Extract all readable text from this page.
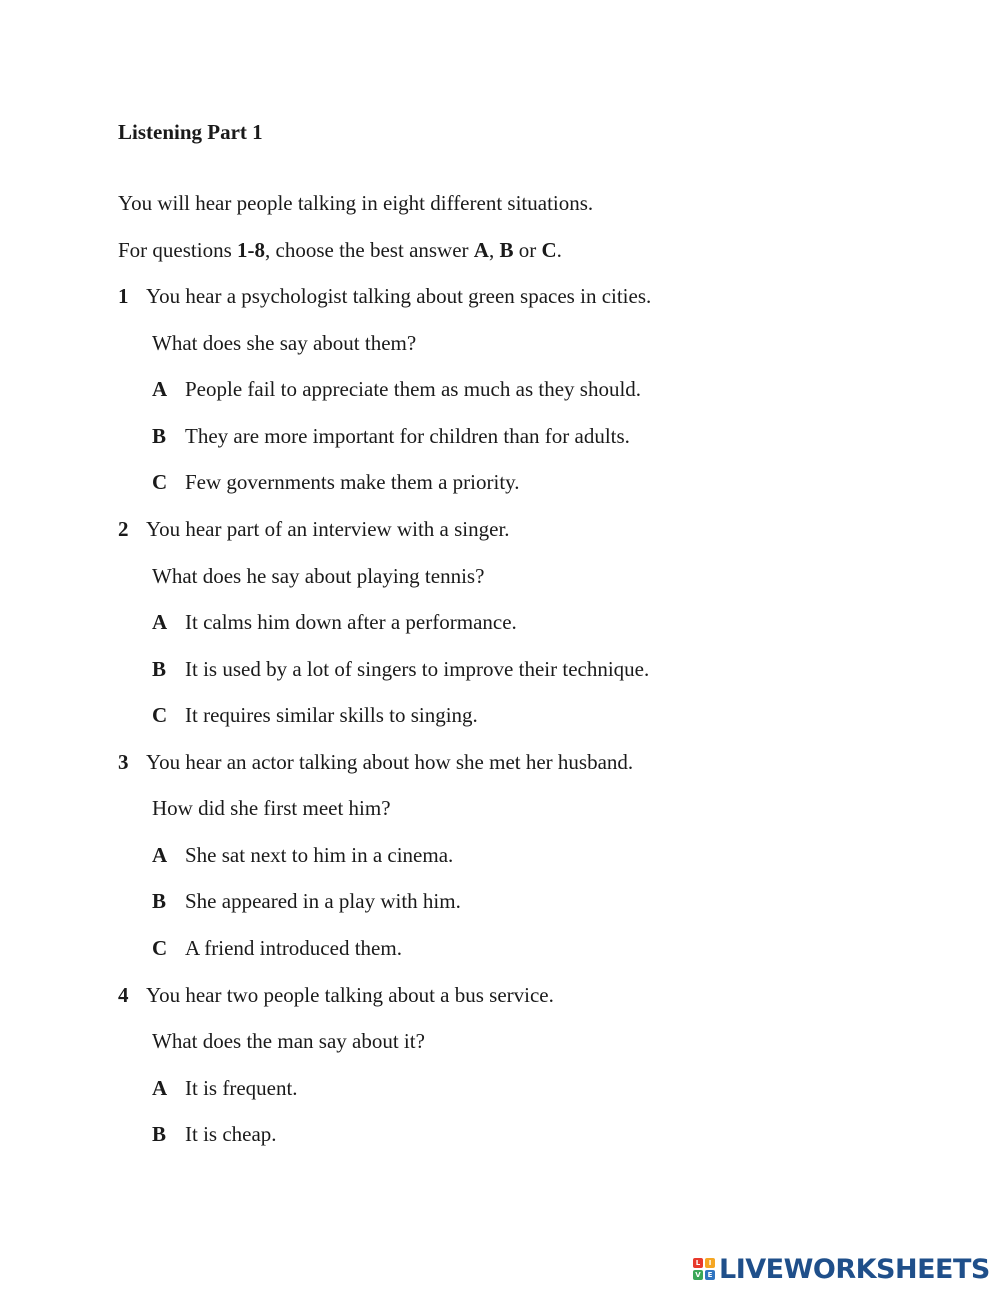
Listening Part 1
You will hear people talking in eight different situations.
For questions 1-8, choose the best answer A, B or C.
1 You hear a psychologist talking about green spaces in cities.
What does she say about them?
A People fail to appreciate them as much as they should.
B They are more important for children than for adults.
C Few governments make them a priority.
2 You hear part of an interview with a singer.
What does he say about playing tennis?
A It calms him down after a performance.
B It is used by a lot of singers to improve their technique.
C It requires similar skills to singing.
3 You hear an actor talking about how she met her husband.
How did she first meet him?
A She sat next to him in a cinema.
B She appeared in a play with him.
C A friend introduced them.
4 You hear two people talking about a bus service.
What does the man say about it?
A It is frequent.
B It is cheap.
L	I
V E LIVEWORKSHEETS
